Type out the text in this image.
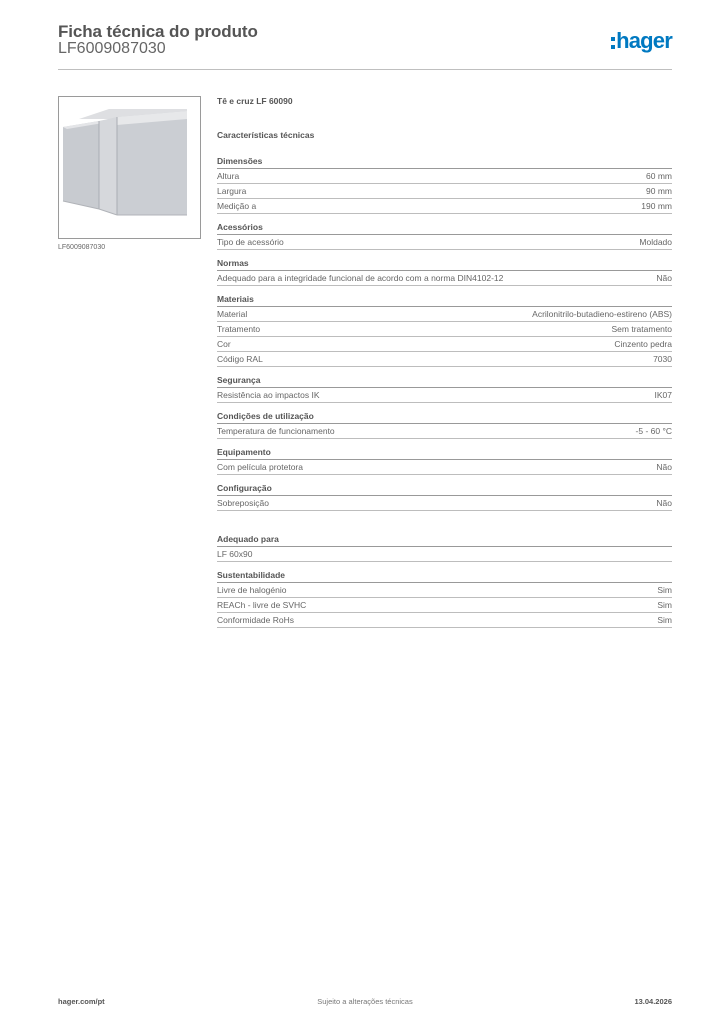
Ficha técnica do produto
LF6009087030	hager
LF6009087030
Tê e cruz LF 60090
Características técnicas
Dimensões
Altura	60 mm
Largura	90 mm
Medição a	190 mm
Acessórios
Tipo de acessório	Moldado
Normas
Adequado para a integridade funcional de acordo com a norma DIN4102-12	Não
Materiais
Material	Acrilonitrilo-butadieno-estireno (ABS)
Tratamento	Sem tratamento
Cor	Cinzento pedra
Código RAL	7030
Segurança
Resistência ao impactos IK	IK07
Condições de utilização
Temperatura de funcionamento	-5 - 60 °C
Equipamento
Com película protetora	Não
Configuração
Sobreposição	Não
Adequado para
LF 60x90
Sustentabilidade
Livre de halogénio	Sim
REACh - livre de SVHC	Sim
Conformidade RoHs	Sim
hager.com/pt	Sujeito a alterações técnicas	13.04.2026
